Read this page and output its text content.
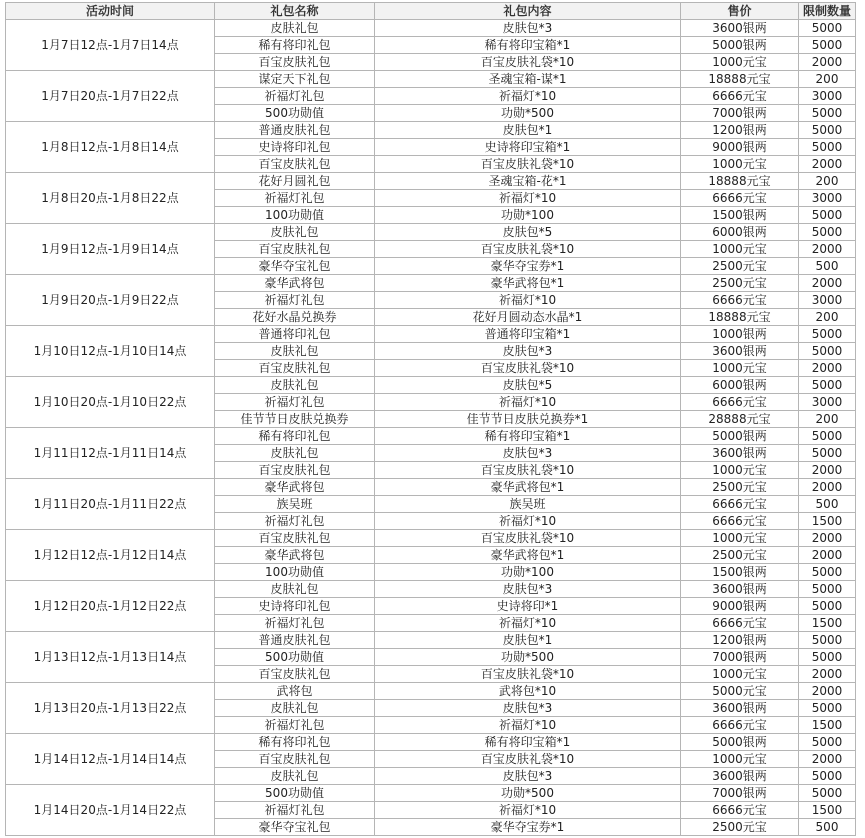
活动时间	礼包名称	礼包内容	售价	限制数量
1月7日12点-1月7日14点	皮肤礼包	皮肤包*3	3600银两	5000
	稀有将印礼包	稀有将印宝箱*1	5000银两	5000
	百宝皮肤礼包	百宝皮肤礼袋*10	1000元宝	2000
1月7日20点-1月7日22点	谋定天下礼包	圣魂宝箱-谋*1	18888元宝	200
	祈福灯礼包	祈福灯*10	6666元宝	3000
	500功勋值	功勋*500	7000银两	5000
1月8日12点-1月8日14点	普通皮肤礼包	皮肤包*1	1200银两	5000
	史诗将印礼包	史诗将印宝箱*1	9000银两	5000
	百宝皮肤礼包	百宝皮肤礼袋*10	1000元宝	2000
1月8日20点-1月8日22点	花好月圆礼包	圣魂宝箱-花*1	18888元宝	200
	祈福灯礼包	祈福灯*10	6666元宝	3000
	100功勋值	功勋*100	1500银两	5000
1月9日12点-1月9日14点	皮肤礼包	皮肤包*5	6000银两	5000
	百宝皮肤礼包	百宝皮肤礼袋*10	1000元宝	2000
	豪华夺宝礼包	豪华夺宝券*1	2500元宝	500
1月9日20点-1月9日22点	豪华武将包	豪华武将包*1	2500元宝	2000
	祈福灯礼包	祈福灯*10	6666元宝	3000
	花好水晶兑换券	花好月圆动态水晶*1	18888元宝	200
1月10日12点-1月10日14点	普通将印礼包	普通将印宝箱*1	1000银两	5000
	皮肤礼包	皮肤包*3	3600银两	5000
	百宝皮肤礼包	百宝皮肤礼袋*10	1000元宝	2000
1月10日20点-1月10日22点	皮肤礼包	皮肤包*5	6000银两	5000
	祈福灯礼包	祈福灯*10	6666元宝	3000
	佳节节日皮肤兑换券	佳节节日皮肤兑换券*1	28888元宝	200
1月11日12点-1月11日14点	稀有将印礼包	稀有将印宝箱*1	5000银两	5000
	皮肤礼包	皮肤包*3	3600银两	5000
	百宝皮肤礼包	百宝皮肤礼袋*10	1000元宝	2000
1月11日20点-1月11日22点	豪华武将包	豪华武将包*1	2500元宝	2000
	族吴班	族吴班	6666元宝	500
	祈福灯礼包	祈福灯*10	6666元宝	1500
1月12日12点-1月12日14点	百宝皮肤礼包	百宝皮肤礼袋*10	1000元宝	2000
	豪华武将包	豪华武将包*1	2500元宝	2000
	100功勋值	功勋*100	1500银两	5000
1月12日20点-1月12日22点	皮肤礼包	皮肤包*3	3600银两	5000
	史诗将印礼包	史诗将印*1	9000银两	5000
	祈福灯礼包	祈福灯*10	6666元宝	1500
1月13日12点-1月13日14点	普通皮肤礼包	皮肤包*1	1200银两	5000
	500功勋值	功勋*500	7000银两	5000
	百宝皮肤礼包	百宝皮肤礼袋*10	1000元宝	2000
1月13日20点-1月13日22点	武将包	武将包*10	5000元宝	2000
	皮肤礼包	皮肤包*3	3600银两	5000
	祈福灯礼包	祈福灯*10	6666元宝	1500
1月14日12点-1月14日14点	稀有将印礼包	稀有将印宝箱*1	5000银两	5000
	百宝皮肤礼包	百宝皮肤礼袋*10	1000元宝	2000
	皮肤礼包	皮肤包*3	3600银两	5000
1月14日20点-1月14日22点	500功勋值	功勋*500	7000银两	5000
	祈福灯礼包	祈福灯*10	6666元宝	1500
	豪华夺宝礼包	豪华夺宝券*1	2500元宝	500
